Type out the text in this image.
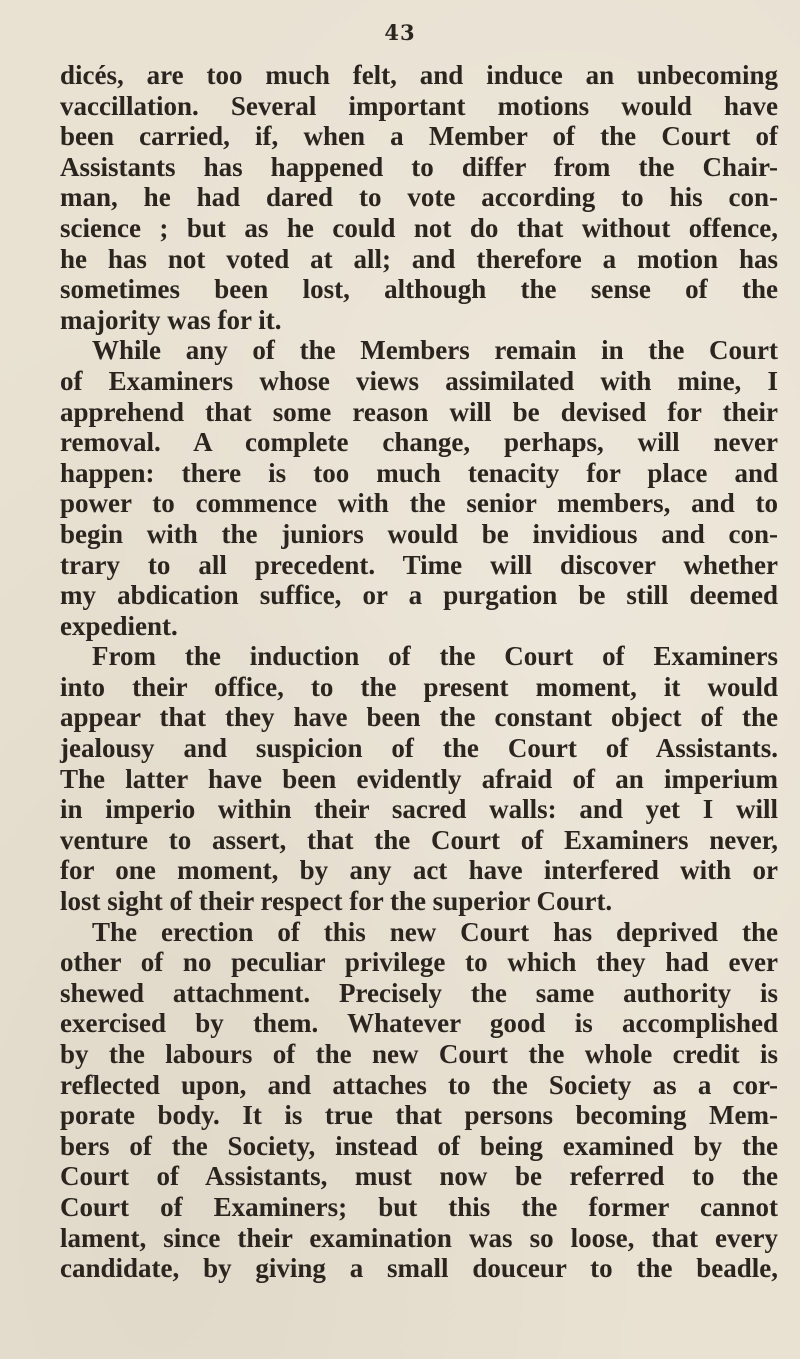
43

dicés, are too much felt, and induce an unbecoming
vaccillation. Several important motions would have
been carried, if, when a Member of the Court of
Assistants has happened to differ from the Chair-
man, he had dared to vote according to his con-
science ; but as he could not do that without offence,
he has not voted at all; and therefore a motion has
sometimes been lost, although the sense of the
majority was for it.

While any of the Members remain in the Court
of Examiners whose views assimilated with mine, I
apprehend that some reason will be devised for their
removal. A complete change, perhaps, will never
happen: there is too much tenacity for place and
power to commence with the senior members, and to
begin with the juniors would be invidious and con-
trary to all precedent. Time will discover whether
my abdication suffice, or a purgation be still deemed
expedient.

From the induction of the Court of Examiners
into their office, to the present moment, it would
appear that they have been the constant object of the
jealousy and suspicion of the Court of Assistants.
The latter have been evidently afraid of an imperium
in imperio within their sacred walls: and yet I will
venture to assert, that the Court of Examiners never,
for one moment, by any act have interfered with or
lost sight of their respect for the superior Court.

The erection of this new Court has deprived the
other of no peculiar privilege to which they had ever
shewed attachment. Precisely the same authority is
exercised by them. Whatever good is accomplished
by the labours of the new Court the whole credit is
reflected upon, and attaches to the Society as a cor-
porate body. It is true that persons becoming Mem-
bers of the Society, instead of being examined by the
Court of Assistants, must now be referred to the
Court of Examiners; but this the former cannot
lament, since their examination was so loose, that every
candidate, by giving a small douceur to the beadle,
